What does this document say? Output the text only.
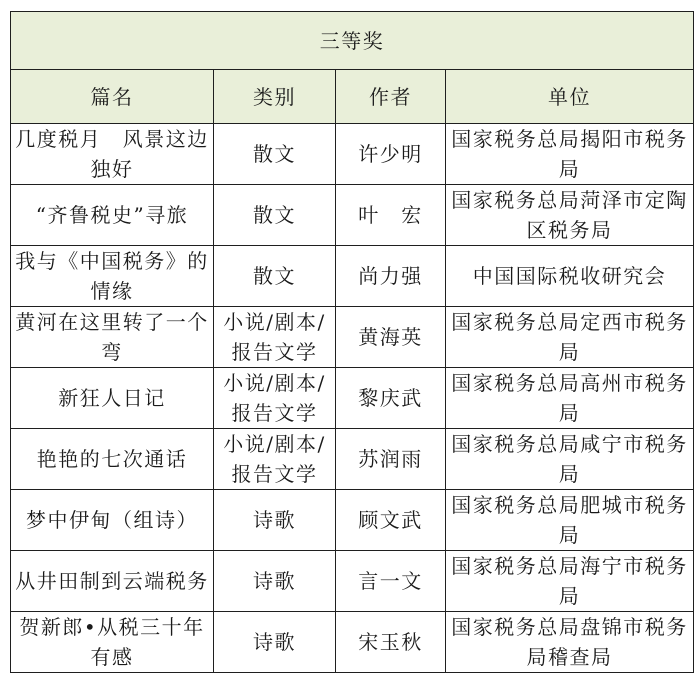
三等奖			
篇名	类别	作者	单位
几度税月　风景这边独好	散文	许少明	国家税务总局揭阳市税务局
“齐鲁税史”寻旅	散文	叶　宏	国家税务总局菏泽市定陶区税务局
我与《中国税务》的情缘	散文	尚力强	中国国际税收研究会
黄河在这里转了一个弯	小说/剧本/报告文学	黄海英	国家税务总局定西市税务局
新狂人日记	小说/剧本/报告文学	黎庆武	国家税务总局高州市税务局
艳艳的七次通话	小说/剧本/报告文学	苏润雨	国家税务总局咸宁市税务局
梦中伊甸（组诗）	诗歌	顾文武	国家税务总局肥城市税务局
从井田制到云端税务	诗歌	言一文	国家税务总局海宁市税务局
贺新郎•从税三十年有感	诗歌	宋玉秋	国家税务总局盘锦市税务局稽查局
